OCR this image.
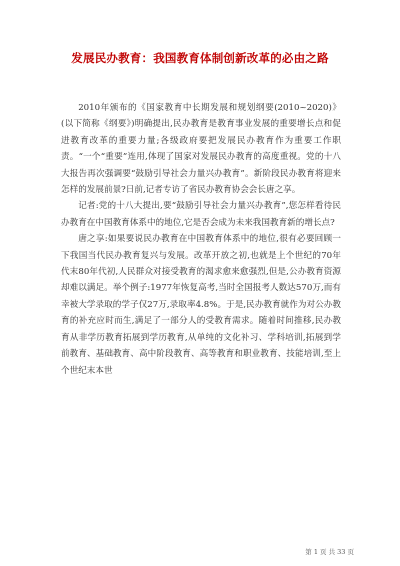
发展民办教育：我国教育体制创新改革的必由之路

2010年颁布的《国家教育中长期发展和规划纲要(2010~2020)》(以下简称《纲要》)明确提出,民办教育是教育事业发展的重要增长点和促进教育改革的重要力量;各级政府要把发展民办教育作为重要工作职责。“一个“重要”连用,体现了国家对发展民办教育的高度重视。党的十八大报告再次强调要“鼓励引导社会力量兴办教育”。新阶段民办教育将迎来怎样的发展前景?日前,记者专访了省民办教育协会会长唐之享。

记者:党的十八大提出,要“鼓励引导社会力量兴办教育”,您怎样看待民办教育在中国教育体系中的地位,它是否会成为未来我国教育新的增长点?

唐之享:如果要说民办教育在中国教育体系中的地位,很有必要回顾一下我国当代民办教育复兴与发展。改革开放之初,也就是上个世纪的70年代末80年代初,人民群众对接受教育的渴求愈来愈强烈,但是,公办教育资源却难以满足。举个例子:1977年恢复高考,当时全国报考人数达570万,而有幸被大学录取的学子仅27万,录取率4.8%。于是,民办教育就作为对公办教育的补充应时而生,满足了一部分人的受教育需求。随着时间推移,民办教育从非学历教育拓展到学历教育,从单纯的文化补习、学科培训,拓展到学前教育、基础教育、高中阶段教育、高等教育和职业教育、技能培训,至上个世纪末本世

第 1 页 共 33 页
